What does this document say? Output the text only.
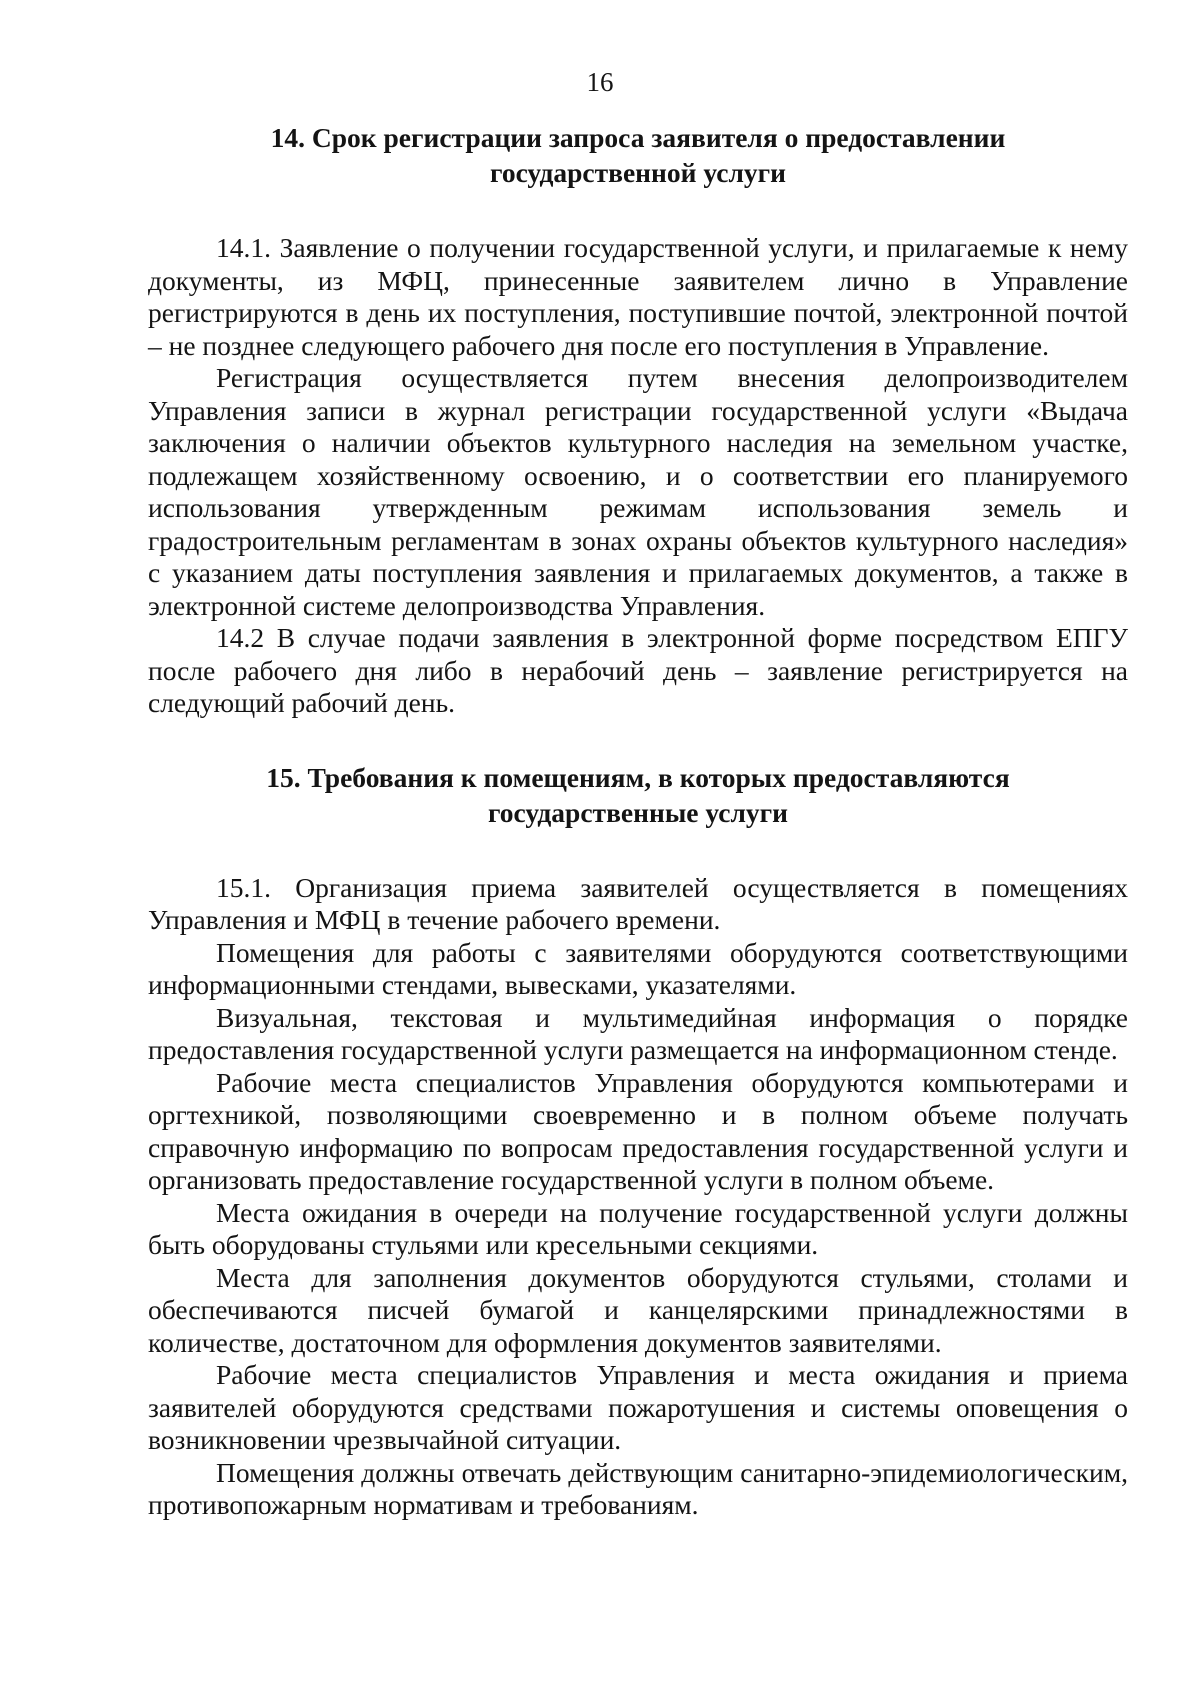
16
14. Срок регистрации запроса заявителя о предоставлении
государственной услуги

14.1. Заявление о получении государственной услуги, и прилагаемые к нему документы, из МФЦ, принесенные заявителем лично в Управление регистрируются в день их поступления, поступившие почтой, электронной почтой – не позднее следующего рабочего дня после его поступления в Управление.

Регистрация осуществляется путем внесения делопроизводителем Управления записи в журнал регистрации государственной услуги «Выдача заключения о наличии объектов культурного наследия на земельном участке, подлежащем хозяйственному освоению, и о соответствии его планируемого использования утвержденным режимам использования земель и градостроительным регламентам в зонах охраны объектов культурного наследия» с указанием даты поступления заявления и прилагаемых документов, а также в электронной системе делопроизводства Управления.

14.2 В случае подачи заявления в электронной форме посредством ЕПГУ после рабочего дня либо в нерабочий день – заявление регистрируется на следующий рабочий день.

15. Требования к помещениям, в которых предоставляются
государственные услуги

15.1. Организация приема заявителей осуществляется в помещениях Управления и МФЦ в течение рабочего времени.

Помещения для работы с заявителями оборудуются соответствующими информационными стендами, вывесками, указателями.

Визуальная, текстовая и мультимедийная информация о порядке предоставления государственной услуги размещается на информационном стенде.

Рабочие места специалистов Управления оборудуются компьютерами и оргтехникой, позволяющими своевременно и в полном объеме получать справочную информацию по вопросам предоставления государственной услуги и организовать предоставление государственной услуги в полном объеме.

Места ожидания в очереди на получение государственной услуги должны быть оборудованы стульями или кресельными секциями.

Места для заполнения документов оборудуются стульями, столами и обеспечиваются писчей бумагой и канцелярскими принадлежностями в количестве, достаточном для оформления документов заявителями.

Рабочие места специалистов Управления и места ожидания и приема заявителей оборудуются средствами пожаротушения и системы оповещения о возникновении чрезвычайной ситуации.

Помещения должны отвечать действующим санитарно-эпидемиологическим, противопожарным нормативам и требованиям.
